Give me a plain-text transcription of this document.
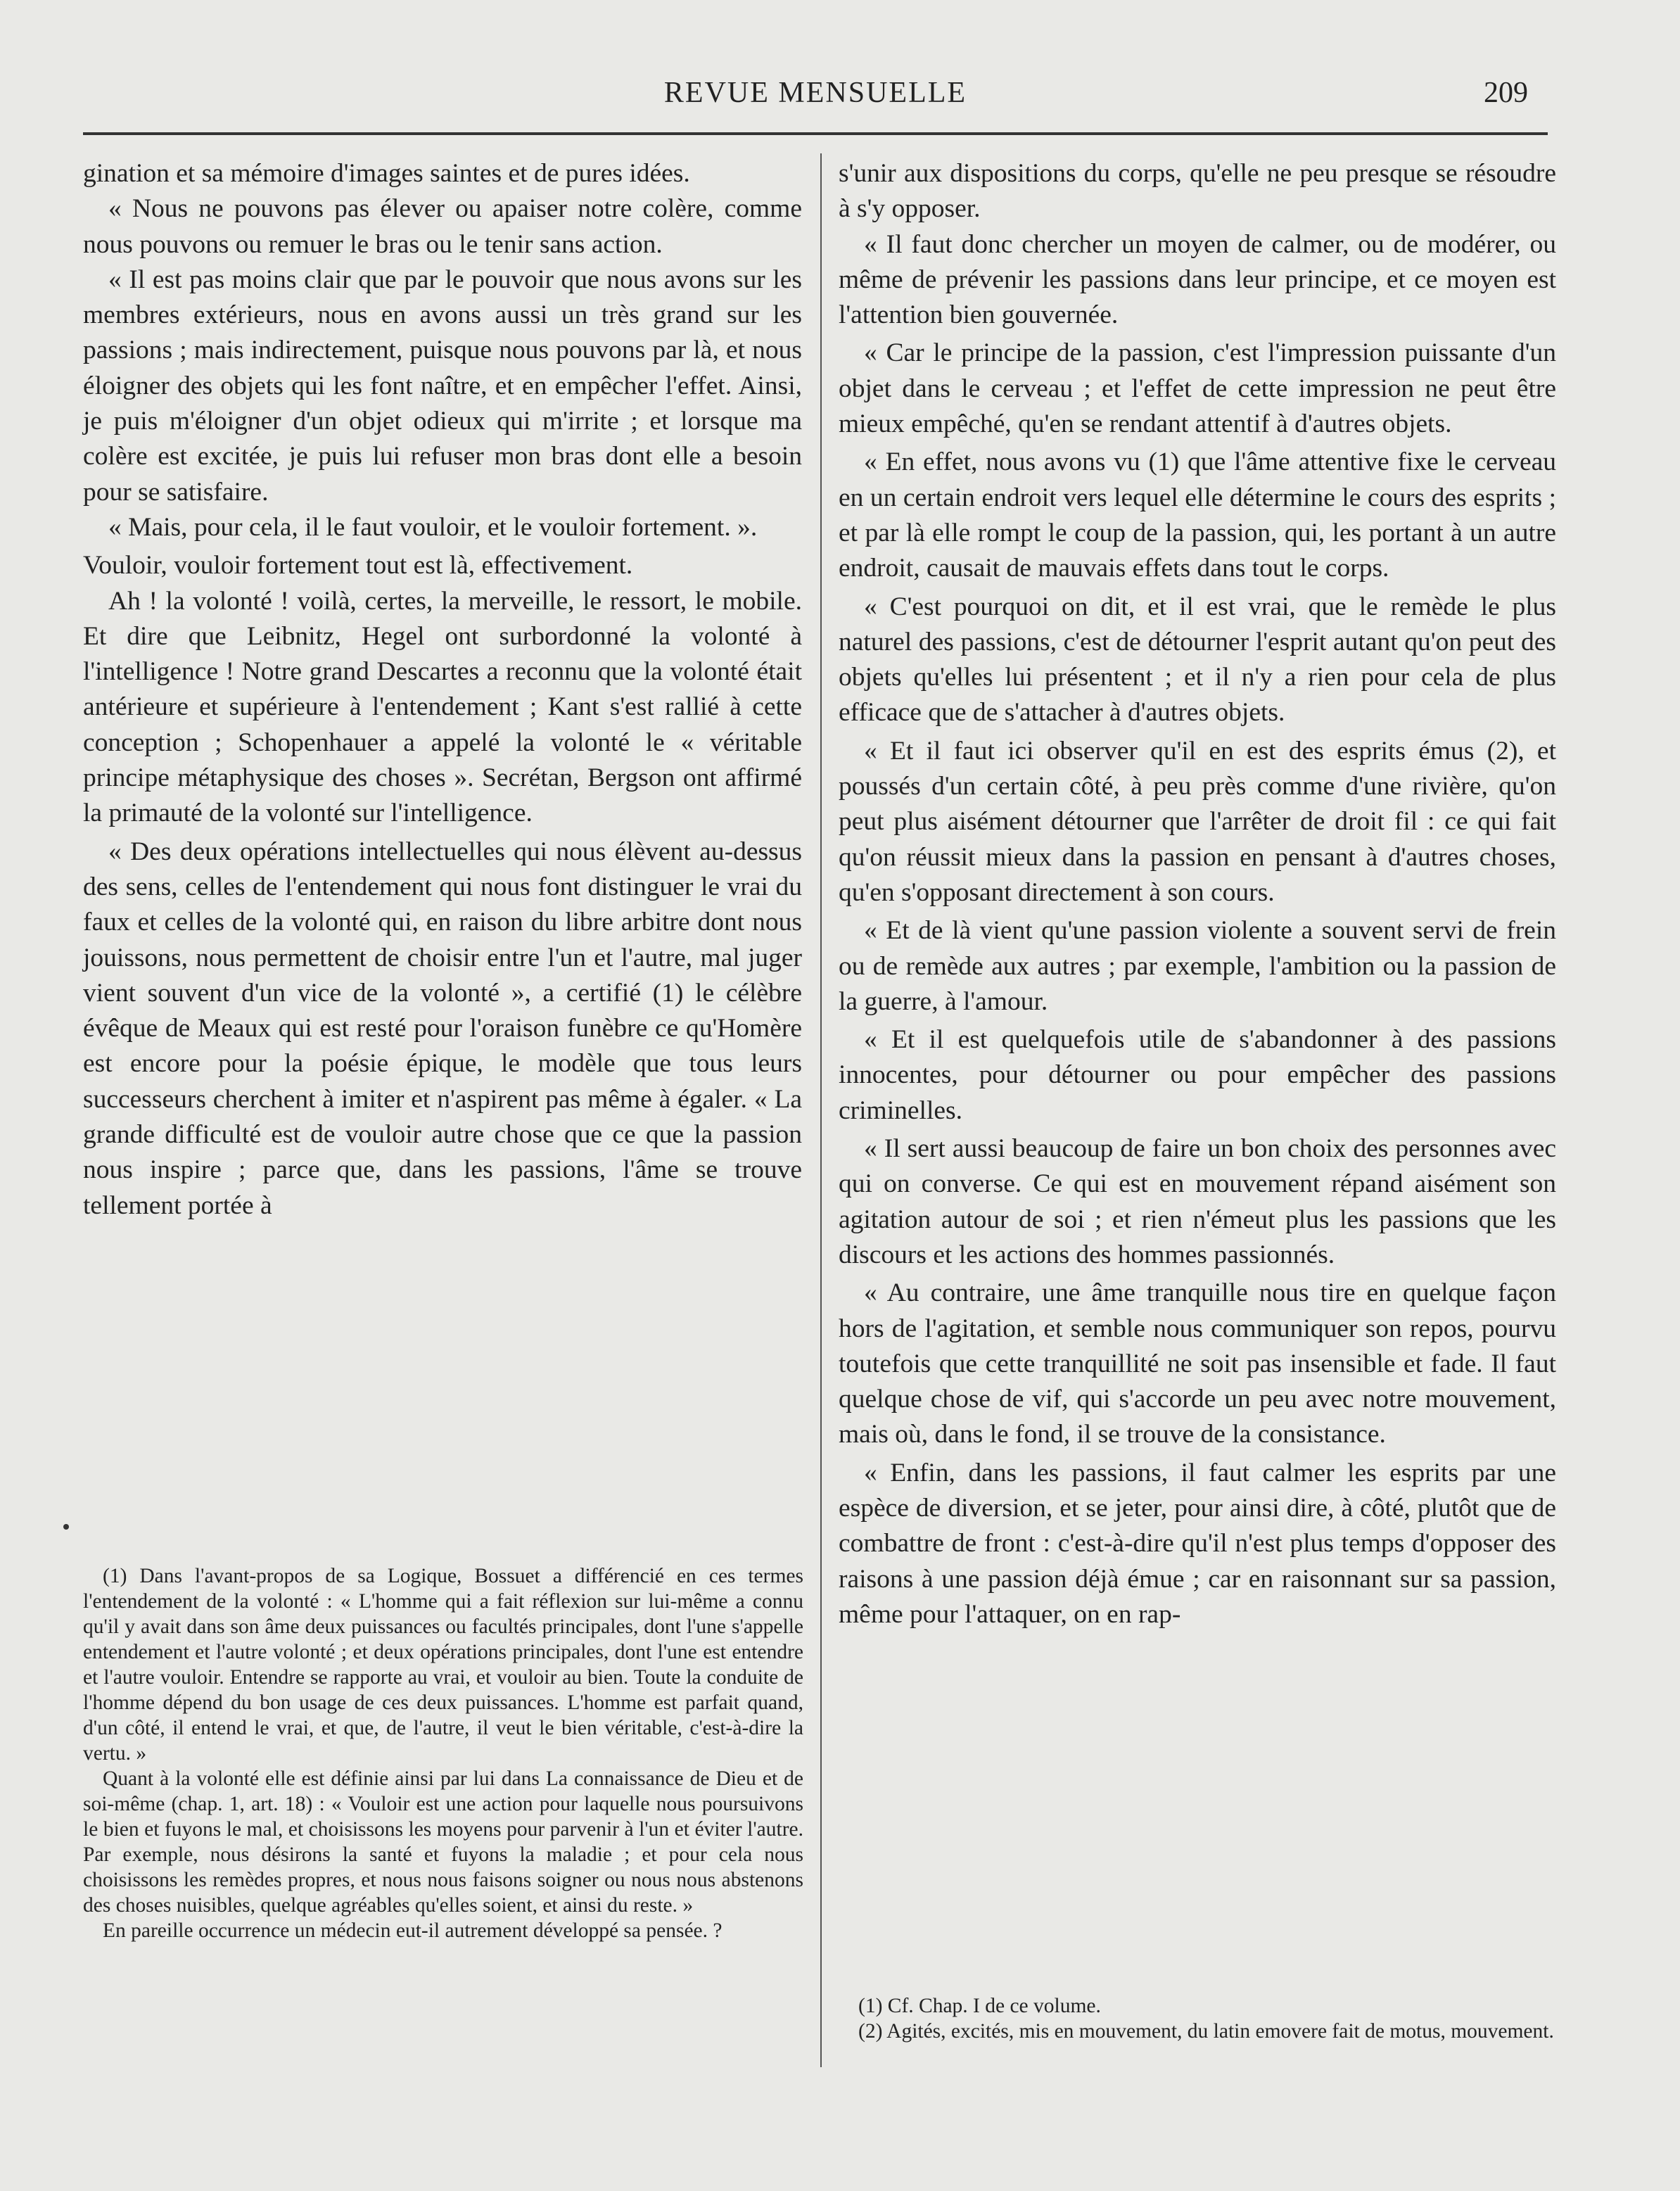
REVUE MENSUELLE	209

gination et sa mémoire d'images saintes et de pures idées.

« Nous ne pouvons pas élever ou apaiser notre colère, comme nous pouvons ou remuer le bras ou le tenir sans action.

« Il est pas moins clair que par le pouvoir que nous avons sur les membres extérieurs, nous en avons aussi un très grand sur les passions ; mais indirectement, puisque nous pouvons par là, et nous éloigner des objets qui les font naître, et en empêcher l'effet. Ainsi, je puis m'éloigner d'un objet odieux qui m'irrite ; et lorsque ma colère est excitée, je puis lui refuser mon bras dont elle a besoin pour se satisfaire.

« Mais, pour cela, il le faut vouloir, et le vouloir fortement. ».

Vouloir, vouloir fortement tout est là, effectivement.

Ah ! la volonté ! voilà, certes, la merveille, le ressort, le mobile. Et dire que Leibnitz, Hegel ont surbordonné la volonté à l'intelligence ! Notre grand Descartes a reconnu que la volonté était antérieure et supérieure à l'entendement ; Kant s'est rallié à cette conception ; Schopenhauer a appelé la volonté le « véritable principe métaphysique des choses ». Secrétan, Bergson ont affirmé la primauté de la volonté sur l'intelligence.

« Des deux opérations intellectuelles qui nous élèvent au-dessus des sens, celles de l'entendement qui nous font distinguer le vrai du faux et celles de la volonté qui, en raison du libre arbitre dont nous jouissons, nous permettent de choisir entre l'un et l'autre, mal juger vient souvent d'un vice de la volonté », a certifié (1) le célèbre évêque de Meaux qui est resté pour l'oraison funèbre ce qu'Homère est encore pour la poésie épique, le modèle que tous leurs successeurs cherchent à imiter et n'aspirent pas même à égaler. « La grande difficulté est de vouloir autre chose que ce que la passion nous inspire ; parce que, dans les passions, l'âme se trouve tellement portée à

(1) Dans l'avant-propos de sa Logique, Bossuet a différencié en ces termes l'entendement de la volonté : « L'homme qui a fait réflexion sur lui-même a connu qu'il y avait dans son âme deux puissances ou facultés principales, dont l'une s'appelle entendement et l'autre volonté ; et deux opérations principales, dont l'une est entendre et l'autre vouloir. Entendre se rapporte au vrai, et vouloir au bien. Toute la conduite de l'homme dépend du bon usage de ces deux puissances. L'homme est parfait quand, d'un côté, il entend le vrai, et que, de l'autre, il veut le bien véritable, c'est-à-dire la vertu. »

Quant à la volonté elle est définie ainsi par lui dans La connaissance de Dieu et de soi-même (chap. 1, art. 18) : « Vouloir est une action pour laquelle nous poursuivons le bien et fuyons le mal, et choisissons les moyens pour parvenir à l'un et éviter l'autre. Par exemple, nous désirons la santé et fuyons la maladie ; et pour cela nous choisissons les remèdes propres, et nous nous faisons soigner ou nous nous abstenons des choses nuisibles, quelque agréables qu'elles soient, et ainsi du reste. »

En pareille occurrence un médecin eut-il autrement développé sa pensée. ?

s'unir aux dispositions du corps, qu'elle ne peu presque se résoudre à s'y opposer.

« Il faut donc chercher un moyen de calmer, ou de modérer, ou même de prévenir les passions dans leur principe, et ce moyen est l'attention bien gouvernée.

« Car le principe de la passion, c'est l'impression puissante d'un objet dans le cerveau ; et l'effet de cette impression ne peut être mieux empêché, qu'en se rendant attentif à d'autres objets.

« En effet, nous avons vu (1) que l'âme attentive fixe le cerveau en un certain endroit vers lequel elle détermine le cours des esprits ; et par là elle rompt le coup de la passion, qui, les portant à un autre endroit, causait de mauvais effets dans tout le corps.

« C'est pourquoi on dit, et il est vrai, que le remède le plus naturel des passions, c'est de détourner l'esprit autant qu'on peut des objets qu'elles lui présentent ; et il n'y a rien pour cela de plus efficace que de s'attacher à d'autres objets.

« Et il faut ici observer qu'il en est des esprits émus (2), et poussés d'un certain côté, à peu près comme d'une rivière, qu'on peut plus aisément détourner que l'arrêter de droit fil : ce qui fait qu'on réussit mieux dans la passion en pensant à d'autres choses, qu'en s'opposant directement à son cours.

« Et de là vient qu'une passion violente a souvent servi de frein ou de remède aux autres ; par exemple, l'ambition ou la passion de la guerre, à l'amour.

« Et il est quelquefois utile de s'abandonner à des passions innocentes, pour détourner ou pour empêcher des passions criminelles.

« Il sert aussi beaucoup de faire un bon choix des personnes avec qui on converse. Ce qui est en mouvement répand aisément son agitation autour de soi ; et rien n'émeut plus les passions que les discours et les actions des hommes passionnés.

« Au contraire, une âme tranquille nous tire en quelque façon hors de l'agitation, et semble nous communiquer son repos, pourvu toutefois que cette tranquillité ne soit pas insensible et fade. Il faut quelque chose de vif, qui s'accorde un peu avec notre mouvement, mais où, dans le fond, il se trouve de la consistance.

« Enfin, dans les passions, il faut calmer les esprits par une espèce de diversion, et se jeter, pour ainsi dire, à côté, plutôt que de combattre de front : c'est-à-dire qu'il n'est plus temps d'opposer des raisons à une passion déjà émue ; car en raisonnant sur sa passion, même pour l'attaquer, on en rap-

(1) Cf. Chap. I de ce volume.

(2) Agités, excités, mis en mouvement, du latin emovere fait de motus, mouvement.
